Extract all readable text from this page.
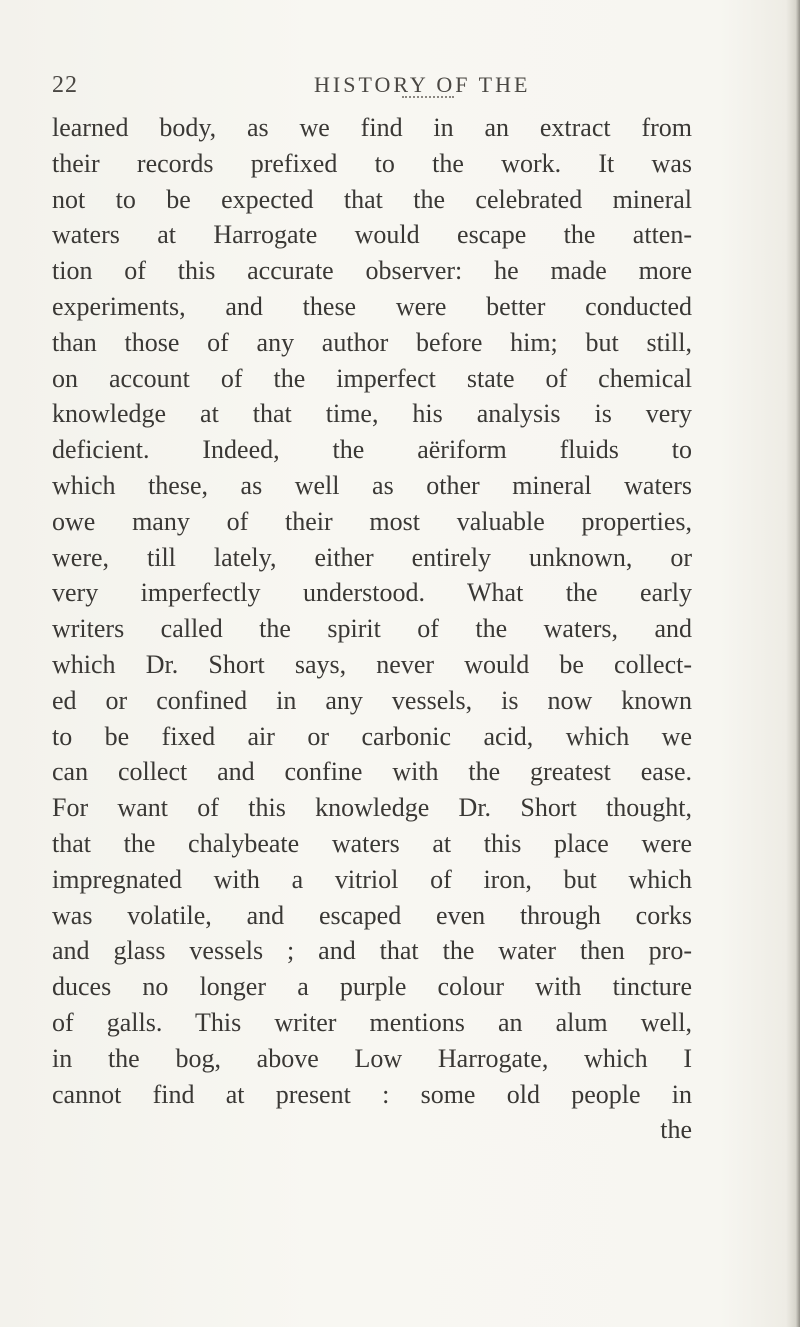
22	HISTORY OF THE
learned body, as we find in an extract from
their records prefixed to the work. It was
not to be expected that the celebrated mineral
waters at Harrogate would escape the atten-
tion of this accurate observer: he made more
experiments, and these were better conducted
than those of any author before him; but still,
on account of the imperfect state of chemical
knowledge at that time, his analysis is very
deficient. Indeed, the aëriform fluids to
which these, as well as other mineral waters
owe many of their most valuable properties,
were, till lately, either entirely unknown, or
very imperfectly understood. What the early
writers called the spirit of the waters, and
which Dr. Short says, never would be collect-
ed or confined in any vessels, is now known
to be fixed air or carbonic acid, which we
can collect and confine with the greatest ease.
For want of this knowledge Dr. Short thought,
that the chalybeate waters at this place were
impregnated with a vitriol of iron, but which
was volatile, and escaped even through corks
and glass vessels ; and that the water then pro-
duces no longer a purple colour with tincture
of galls. This writer mentions an alum well,
in the bog, above Low Harrogate, which I
cannot find at present : some old people in
the
